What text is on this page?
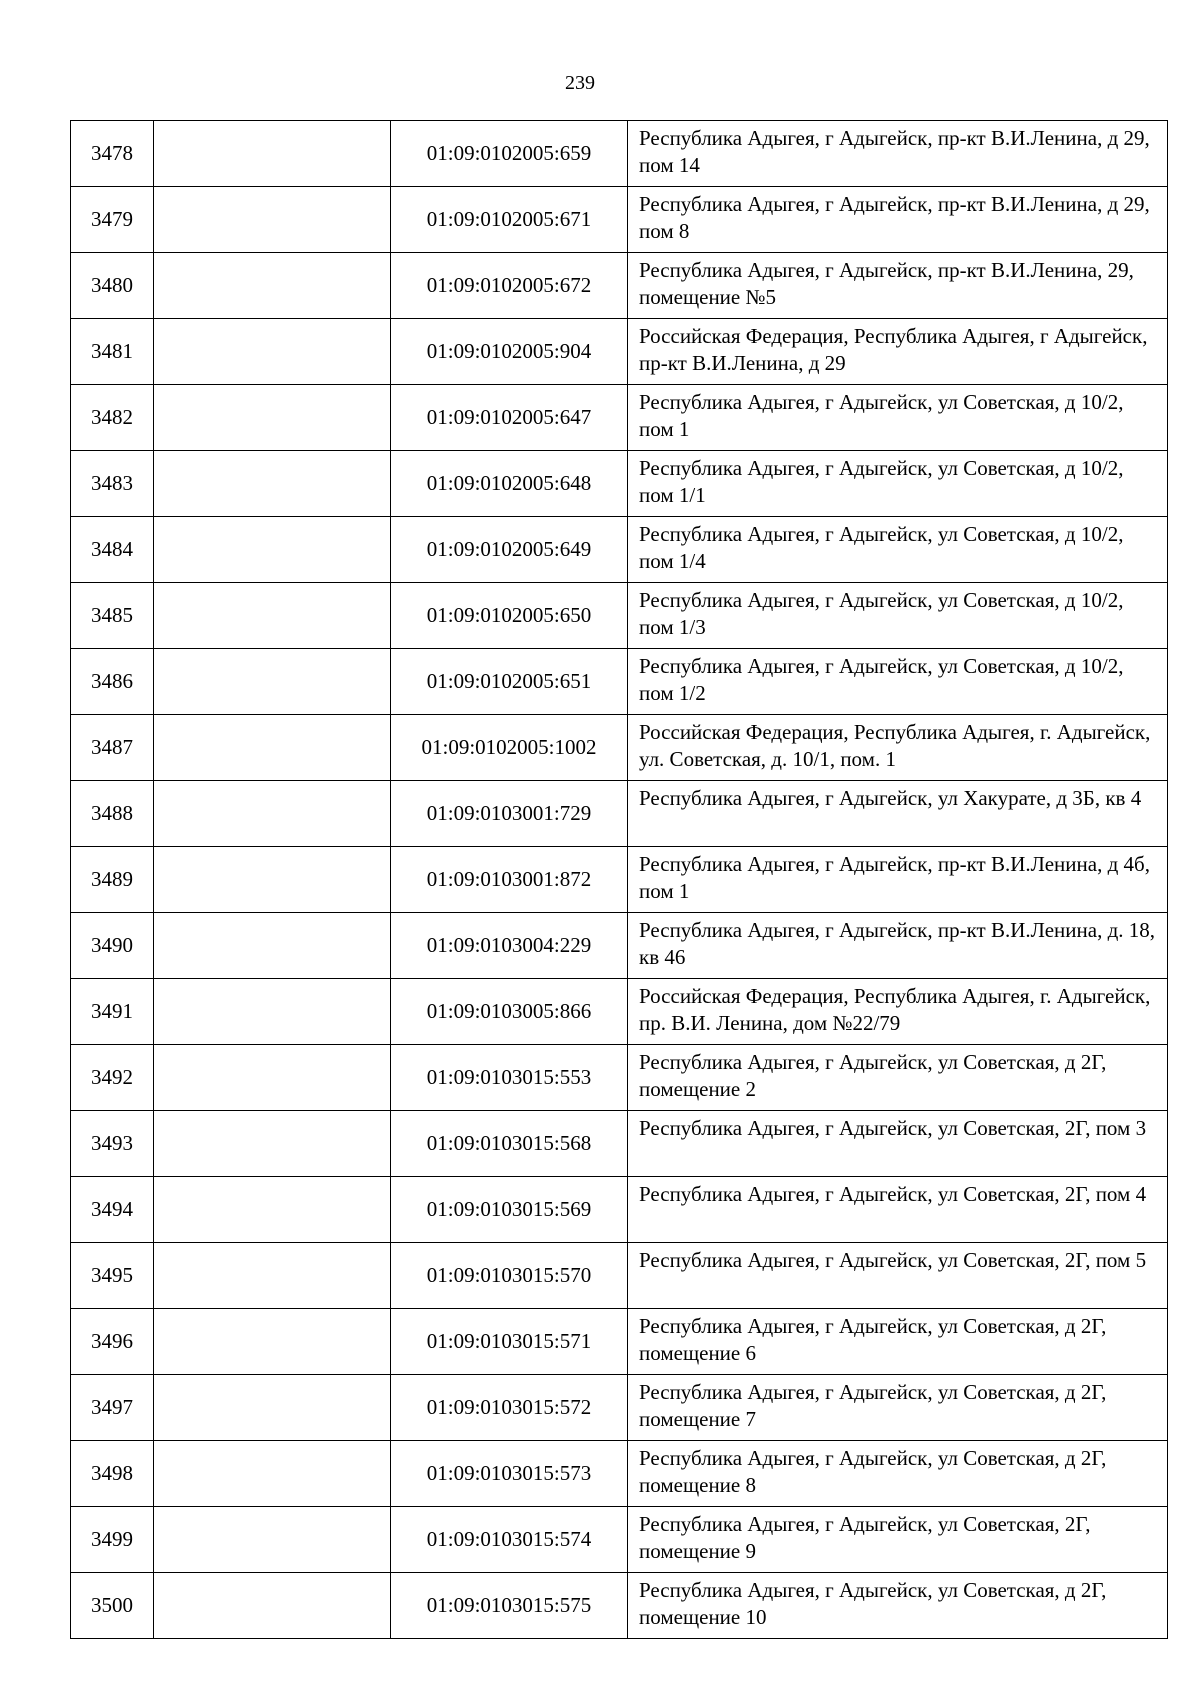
239
3478		01:09:0102005:659	Республика Адыгея, г Адыгейск, пр-кт В.И.Ленина, д 29, пом 14
3479		01:09:0102005:671	Республика Адыгея, г Адыгейск, пр-кт В.И.Ленина, д 29, пом 8
3480		01:09:0102005:672	Республика Адыгея, г Адыгейск, пр-кт В.И.Ленина, 29, помещение №5
3481		01:09:0102005:904	Российская Федерация, Республика Адыгея, г Адыгейск, пр-кт В.И.Ленина, д 29
3482		01:09:0102005:647	Республика Адыгея, г Адыгейск, ул Советская, д 10/2, пом 1
3483		01:09:0102005:648	Республика Адыгея, г Адыгейск, ул Советская, д 10/2, пом 1/1
3484		01:09:0102005:649	Республика Адыгея, г Адыгейск, ул Советская, д 10/2, пом 1/4
3485		01:09:0102005:650	Республика Адыгея, г Адыгейск, ул Советская, д 10/2, пом 1/3
3486		01:09:0102005:651	Республика Адыгея, г Адыгейск, ул Советская, д 10/2, пом 1/2
3487		01:09:0102005:1002	Российская Федерация, Республика Адыгея, г. Адыгейск, ул. Советская, д. 10/1, пом. 1
3488		01:09:0103001:729	Республика Адыгея, г Адыгейск, ул Хакурате, д 3Б, кв 4
3489		01:09:0103001:872	Республика Адыгея, г Адыгейск, пр-кт В.И.Ленина, д 4б, пом 1
3490		01:09:0103004:229	Республика Адыгея, г Адыгейск, пр-кт В.И.Ленина, д. 18, кв 46
3491		01:09:0103005:866	Российская Федерация, Республика Адыгея, г. Адыгейск, пр. В.И. Ленина, дом №22/79
3492		01:09:0103015:553	Республика Адыгея, г Адыгейск, ул Советская, д 2Г, помещение 2
3493		01:09:0103015:568	Республика Адыгея, г Адыгейск, ул Советская, 2Г, пом 3
3494		01:09:0103015:569	Республика Адыгея, г Адыгейск, ул Советская, 2Г, пом 4
3495		01:09:0103015:570	Республика Адыгея, г Адыгейск, ул Советская, 2Г, пом 5
3496		01:09:0103015:571	Республика Адыгея, г Адыгейск, ул Советская, д 2Г, помещение 6
3497		01:09:0103015:572	Республика Адыгея, г Адыгейск, ул Советская, д 2Г, помещение 7
3498		01:09:0103015:573	Республика Адыгея, г Адыгейск, ул Советская, д 2Г, помещение 8
3499		01:09:0103015:574	Республика Адыгея, г Адыгейск, ул Советская, 2Г, помещение 9
3500		01:09:0103015:575	Республика Адыгея, г Адыгейск, ул Советская, д 2Г, помещение 10
